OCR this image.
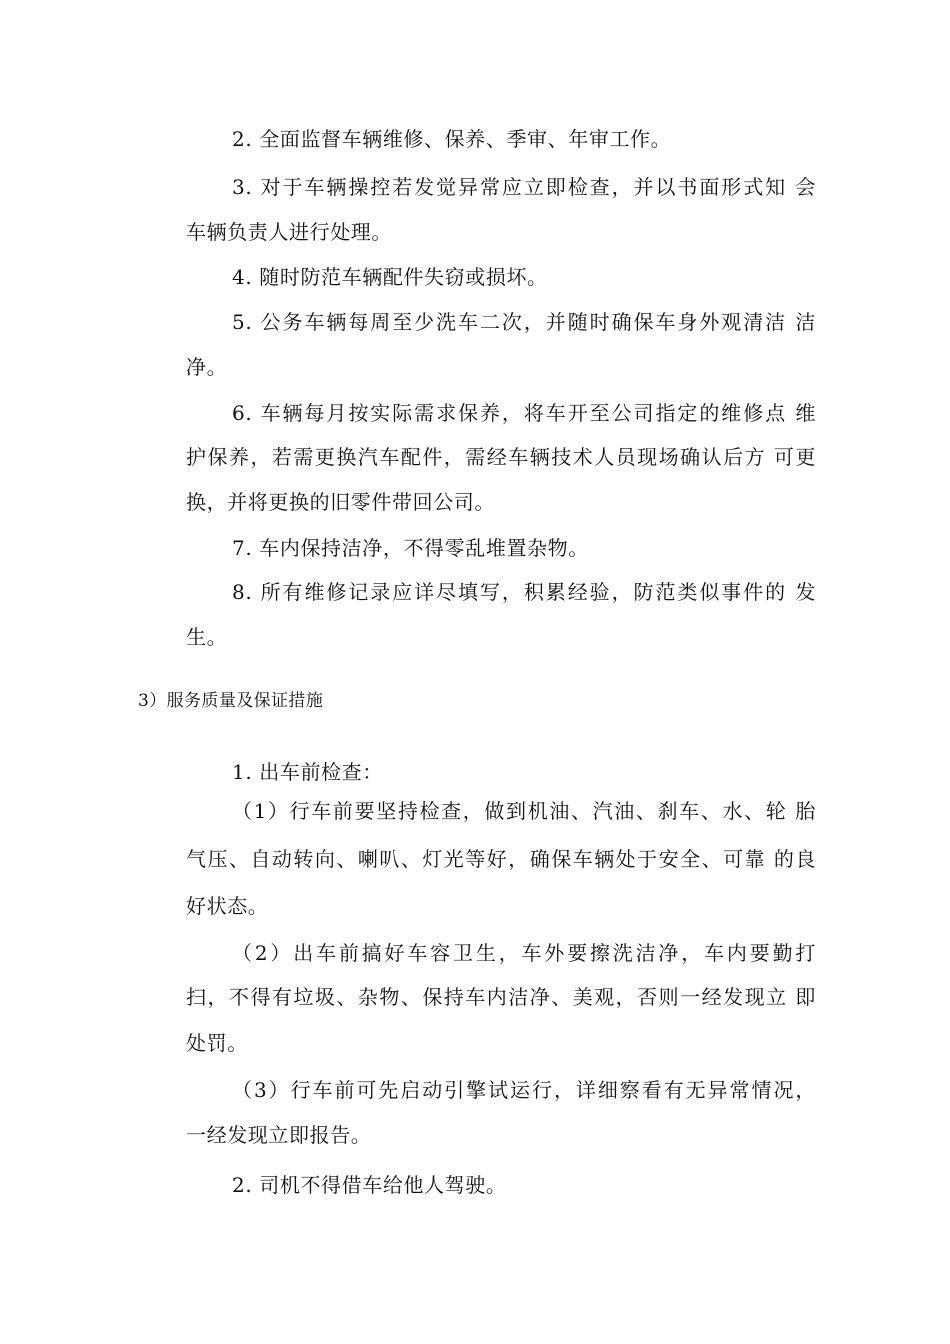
2. 全面监督车辆维修、保养、季审、年审工作。
3. 对于车辆操控若发觉异常应立即检查，并以书面形式知 会
车辆负责人进行处理。
4. 随时防范车辆配件失窃或损坏。
5. 公务车辆每周至少洗车二次，并随时确保车身外观清洁 洁
净。
6. 车辆每月按实际需求保养，将车开至公司指定的维修点 维
护保养，若需更换汽车配件，需经车辆技术人员现场确认后方 可更
换，并将更换的旧零件带回公司。
7. 车内保持洁净，不得零乱堆置杂物。
8. 所有维修记录应详尽填写，积累经验，防范类似事件的 发
生。
3）服务质量及保证措施
1. 出车前检查：
（1）行车前要坚持检查，做到机油、汽油、刹车、水、轮 胎
气压、自动转向、喇叭、灯光等好，确保车辆处于安全、可靠 的良
好状态。
（2）出车前搞好车容卫生，车外要擦洗洁净，车内要勤打
扫，不得有垃圾、杂物、保持车内洁净、美观，否则一经发现立 即
处罚。
（3）行车前可先启动引擎试运行，详细察看有无异常情况，
一经发现立即报告。
2. 司机不得借车给他人驾驶。
